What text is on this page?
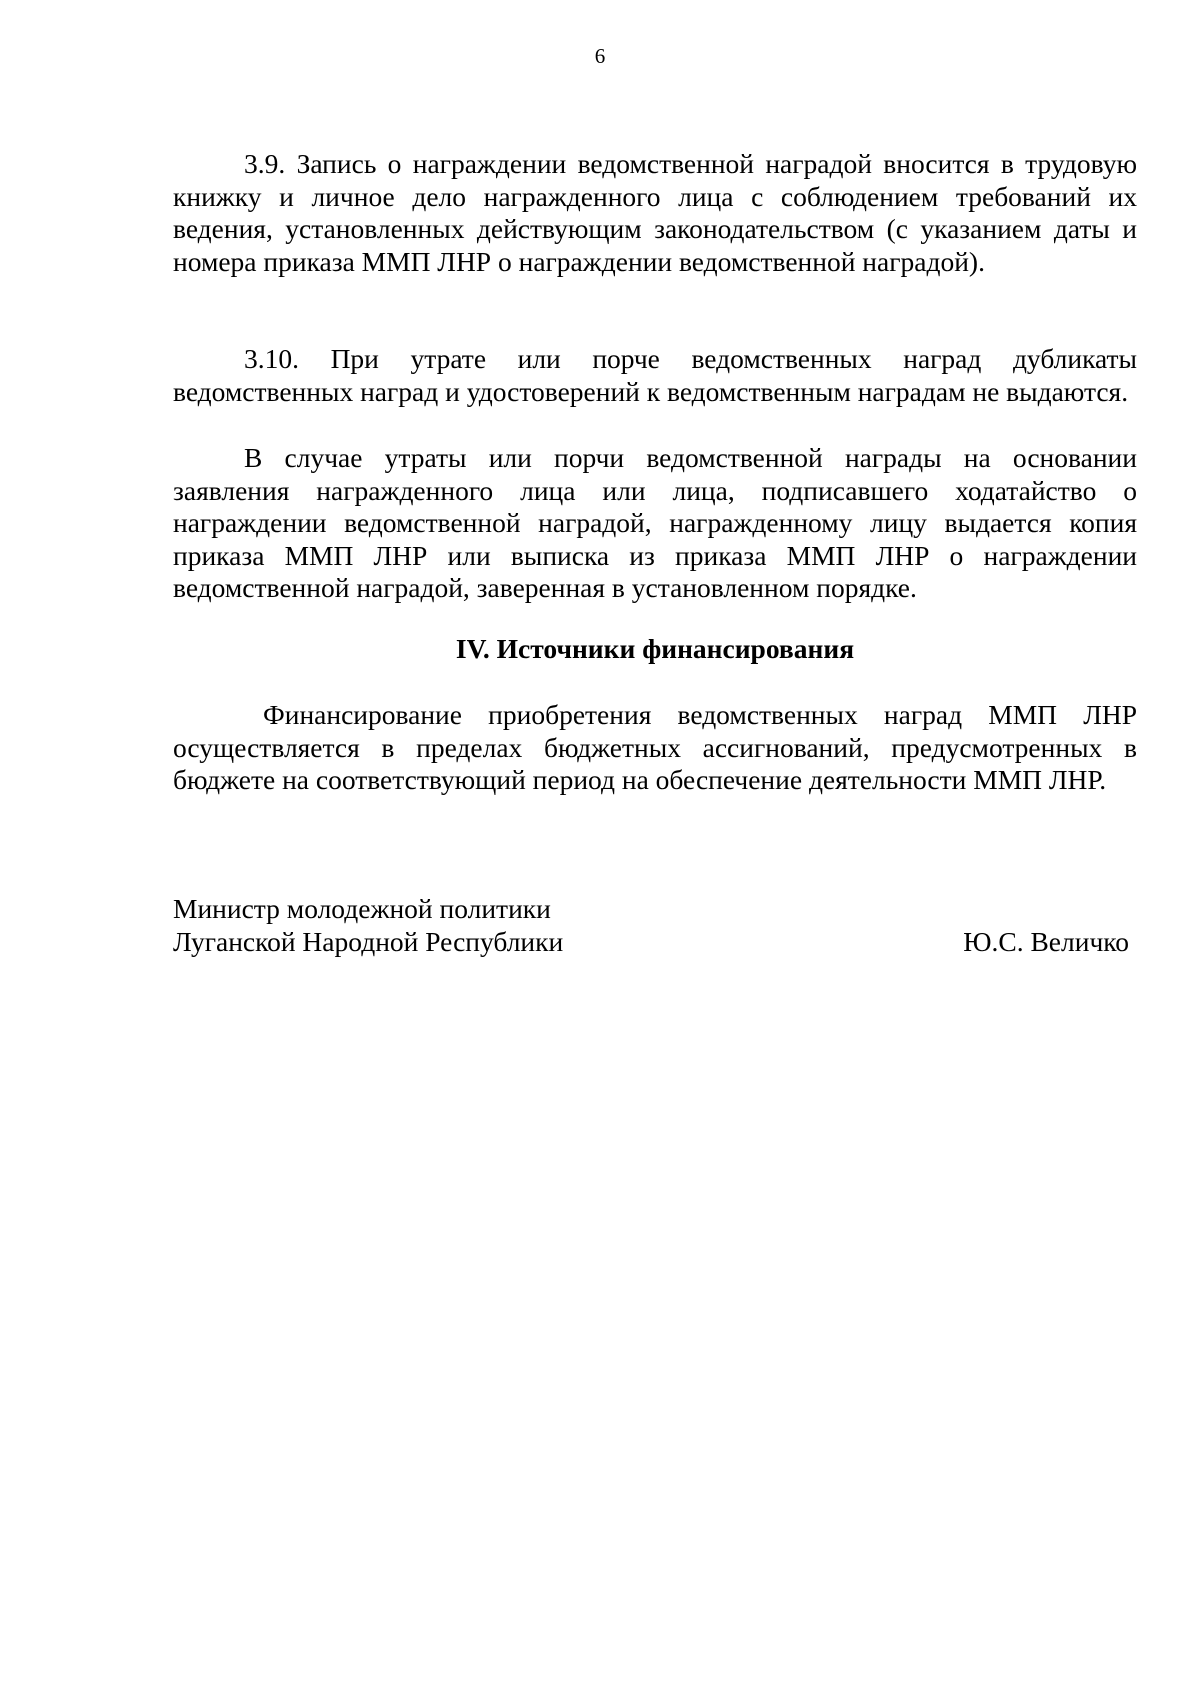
6

3.9. Запись о награждении ведомственной наградой вносится в трудовую книжку и личное дело награжденного лица с соблюдением требований их ведения, установленных действующим законодательством (с указанием даты и номера приказа ММП ЛНР о награждении ведомственной наградой).

3.10. При утрате или порче ведомственных наград дубликаты ведомственных наград и удостоверений к ведомственным наградам не выдаются.

В случае утраты или порчи ведомственной награды на основании заявления награжденного лица или лица, подписавшего ходатайство о награждении ведомственной наградой, награжденному лицу выдается копия приказа ММП ЛНР или выписка из приказа ММП ЛНР о награждении ведомственной наградой, заверенная в установленном порядке.

IV. Источники финансирования

Финансирование приобретения ведомственных наград ММП ЛНР осуществляется в пределах бюджетных ассигнований, предусмотренных в бюджете на соответствующий период на обеспечение деятельности ММП ЛНР.

Министр молодежной политики
Луганской Народной Республики	Ю.С. Величко
